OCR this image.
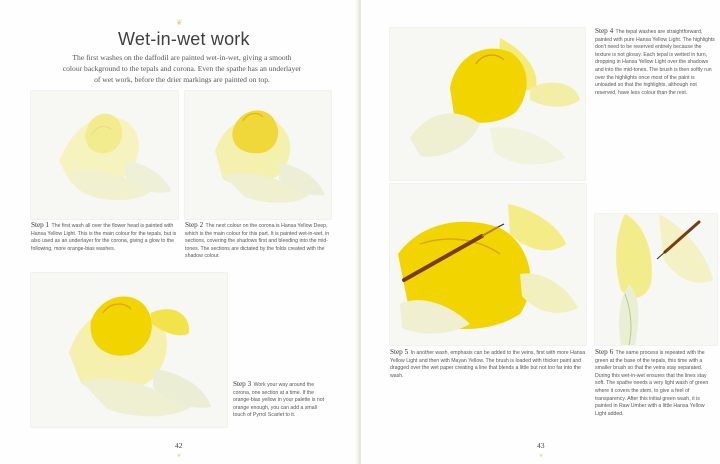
❦
Wet-in-wet work
The first washes on the daffodil are painted wet-in-wet, giving a smooth colour background to the tepals and corona. Even the spathe has an underlayer of wet work, before the drier markings are painted on top.
Step 1 The first wash all over the flower head is painted with Hansa Yellow Light. This is the main colour for the tepals, but is also used as an underlayer for the corona, giving a glow to the following, more orange-bias washes.
Step 2 The next colour on the corona is Hansa Yellow Deep, which is the main colour for this part. It is painted wet-in-wet, in sections, covering the shadows first and bleeding into the mid-tones. The sections are dictated by the folds created with the shadow colour.
Step 3 Work your way around the corona, one section at a time. If the orange-bias yellow in your palette is not orange enough, you can add a small touch of Pyrrol Scarlet to it.
42
❦
Step 4 The tepal washes are straightforward, painted with pure Hansa Yellow Light. The highlights don't need to be reserved entirely because the texture is not glossy. Each tepal is wetted in turn, dropping in Hansa Yellow Light over the shadows and into the mid-tones. The brush is then softly run over the highlights once most of the paint is unloaded so that the highlights, although not reserved, have less colour than the rest.
Step 5 In another wash, emphasis can be added to the veins, first with more Hansa Yellow Light and then with Mayan Yellow. The brush is loaded with thicker paint and dragged over the wet paper creating a line that blends a little but not too far into the wash.
Step 6 The same process is repeated with the green at the base of the tepals, this time with a smaller brush so that the veins stay separated. During this wet-in-wet ensures that the lines stay soft. The spathe needs a very light wash of green where it covers the stem, to give a feel of transparency. After this initial green wash, it is painted in Raw Umber with a little Hansa Yellow Light added.
43
❦
